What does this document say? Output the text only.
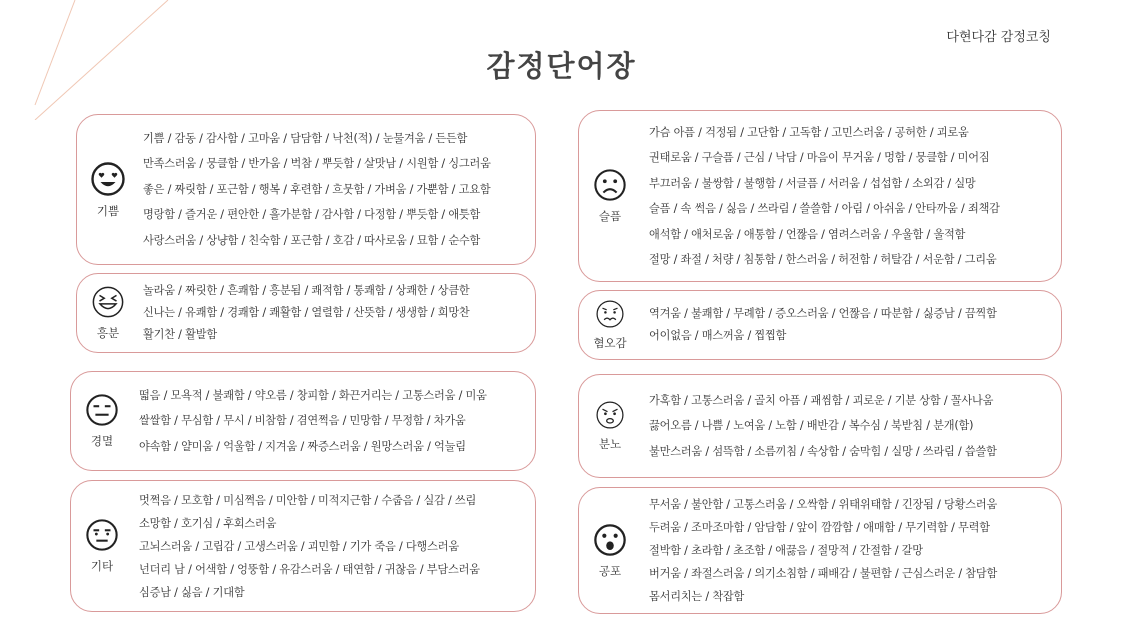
다현다감 감정코칭
감정단어장
기쁨
기쁨 / 감동 / 감사함 / 고마움 / 담담함 / 낙천(적) / 눈물겨움 / 든든함
만족스러움 / 뭉클함 / 반가움 / 벅참 / 뿌듯함 / 살맛남 / 시원함 / 싱그러움
좋은 / 짜릿함 / 포근함 / 행복 / 후련함 / 흐뭇함 / 가벼움 / 가뿐함 / 고요함
명랑함 / 즐거운 / 편안한 / 흘가분함 / 감사함 / 다정함 / 뿌듯함 / 애틋함
사랑스러움 / 상냥함 / 친숙함 / 포근함 / 호감 / 따사로움 / 묘함 / 순수함
흥분
놀라움 / 짜릿한 / 흔쾌함 / 흥분됨 / 쾌적함 / 통쾌함 / 상쾌한 / 상큼한
신나는 / 유쾌함 / 경쾌함 / 쾌활함 / 열렬함 / 산뜻함 / 생생함 / 희망찬
활기찬 / 활발함
경멸
떫음 / 모욕적 / 불쾌함 / 약오름 / 창피함 / 화끈거리는 / 고통스러움 / 미움
쌀쌀함 / 무심함 / 무시 / 비참함 / 겸연쩍음 / 민망함 / 무정함 / 차가움
야속함 / 얄미움 / 억울함 / 지겨움 / 짜증스러움 / 원망스러움 / 억눌림
기타
멋쩍음 / 모호함 / 미심쩍음 / 미안함 / 미적지근함 / 수줍음 / 실감 / 쓰림
소망함 / 호기심 / 후회스러움
고뇌스러움 / 고립감 / 고생스러움 / 괴민함 / 기가 죽음 / 다행스러움
넌더리 남 / 어색함 / 엉뚱함 / 유감스러움 / 태연함 / 귀찮음 / 부담스러움
심증남 / 싫음 / 기대함
슬픔
가슴 아픔 / 걱정됨 / 고단함 / 고독함 / 고민스러움 / 공허한 / 괴로움
권태로움 / 구슬픔 / 근심 / 낙담 / 마음이 무거움 / 멍함 / 뭉클함 / 미어짐
부끄러움 / 불쌍함 / 불행함 / 서글픔 / 서러움 / 섭섭함 / 소외감 / 실망
슬픔 / 속 썩음 / 싫음 / 쓰라림 / 쓸쓸함 / 아림 / 아쉬움 / 안타까움 / 죄책감
애석함 / 애처로움 / 애통함 / 언짢음 / 염려스러움 / 우울함 / 울적함
절망 / 좌절 / 처량 / 침통함 / 한스러움 / 허전함 / 허탈감 / 서운함 / 그리움
혐오감
역겨움 / 불쾌함 / 무례함 / 증오스러움 / 언짢음 / 따분함 / 싫증남 / 끔찍함
어이없음 / 매스꺼움 / 찝찝함
분노
가혹함 / 고통스러움 / 골치 아픔 / 괘씸함 / 괴로운 / 기분 상함 / 꼴사나움
끓어오름 / 나쁨 / 노여움 / 노함 / 배반감 / 복수심 / 북받침 / 분개(함)
불만스러움 / 섬뜩함 / 소름끼침 / 속상함 / 숨막힘 / 실망 / 쓰라림 / 씁쓸함
공포
무서움 / 불안함 / 고통스러움 / 오싹함 / 위태위태함 / 긴장됨 / 당황스러움
두려움 / 조마조마함 / 암담함 / 앞이 깜깜함 / 애매함 / 무기력함 / 무력함
절박함 / 초라함 / 초조함 / 애끓음 / 절망적 / 간절함 / 갈망
버거움 / 좌절스러움 / 의기소침함 / 패배감 / 불편함 / 근심스러운 / 참담함
몸서리치는 / 착잡함
